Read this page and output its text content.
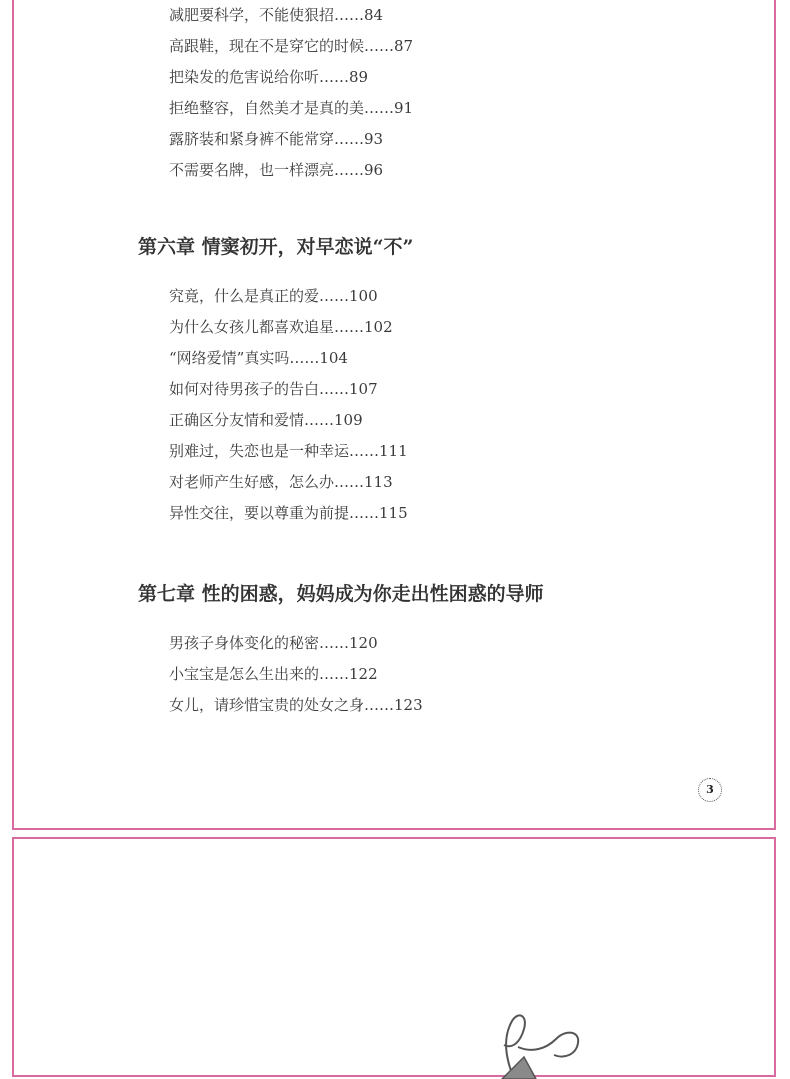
减肥要科学，不能使狠招……84
高跟鞋，现在不是穿它的时候……87
把染发的危害说给你听……89
拒绝整容，自然美才是真的美……91
露脐装和紧身裤不能常穿……93
不需要名牌，也一样漂亮……96
第六章 情窦初开，对早恋说“不”
究竟，什么是真正的爱……100
为什么女孩儿都喜欢追星……102
“网络爱情”真实吗……104
如何对待男孩子的告白……107
正确区分友情和爱情……109
别难过，失恋也是一种幸运……111
对老师产生好感，怎么办……113
异性交往，要以尊重为前提……115
第七章 性的困惑，妈妈成为你走出性困惑的导师
男孩子身体变化的秘密……120
小宝宝是怎么生出来的……122
女儿，请珍惜宝贵的处女之身……123
3
